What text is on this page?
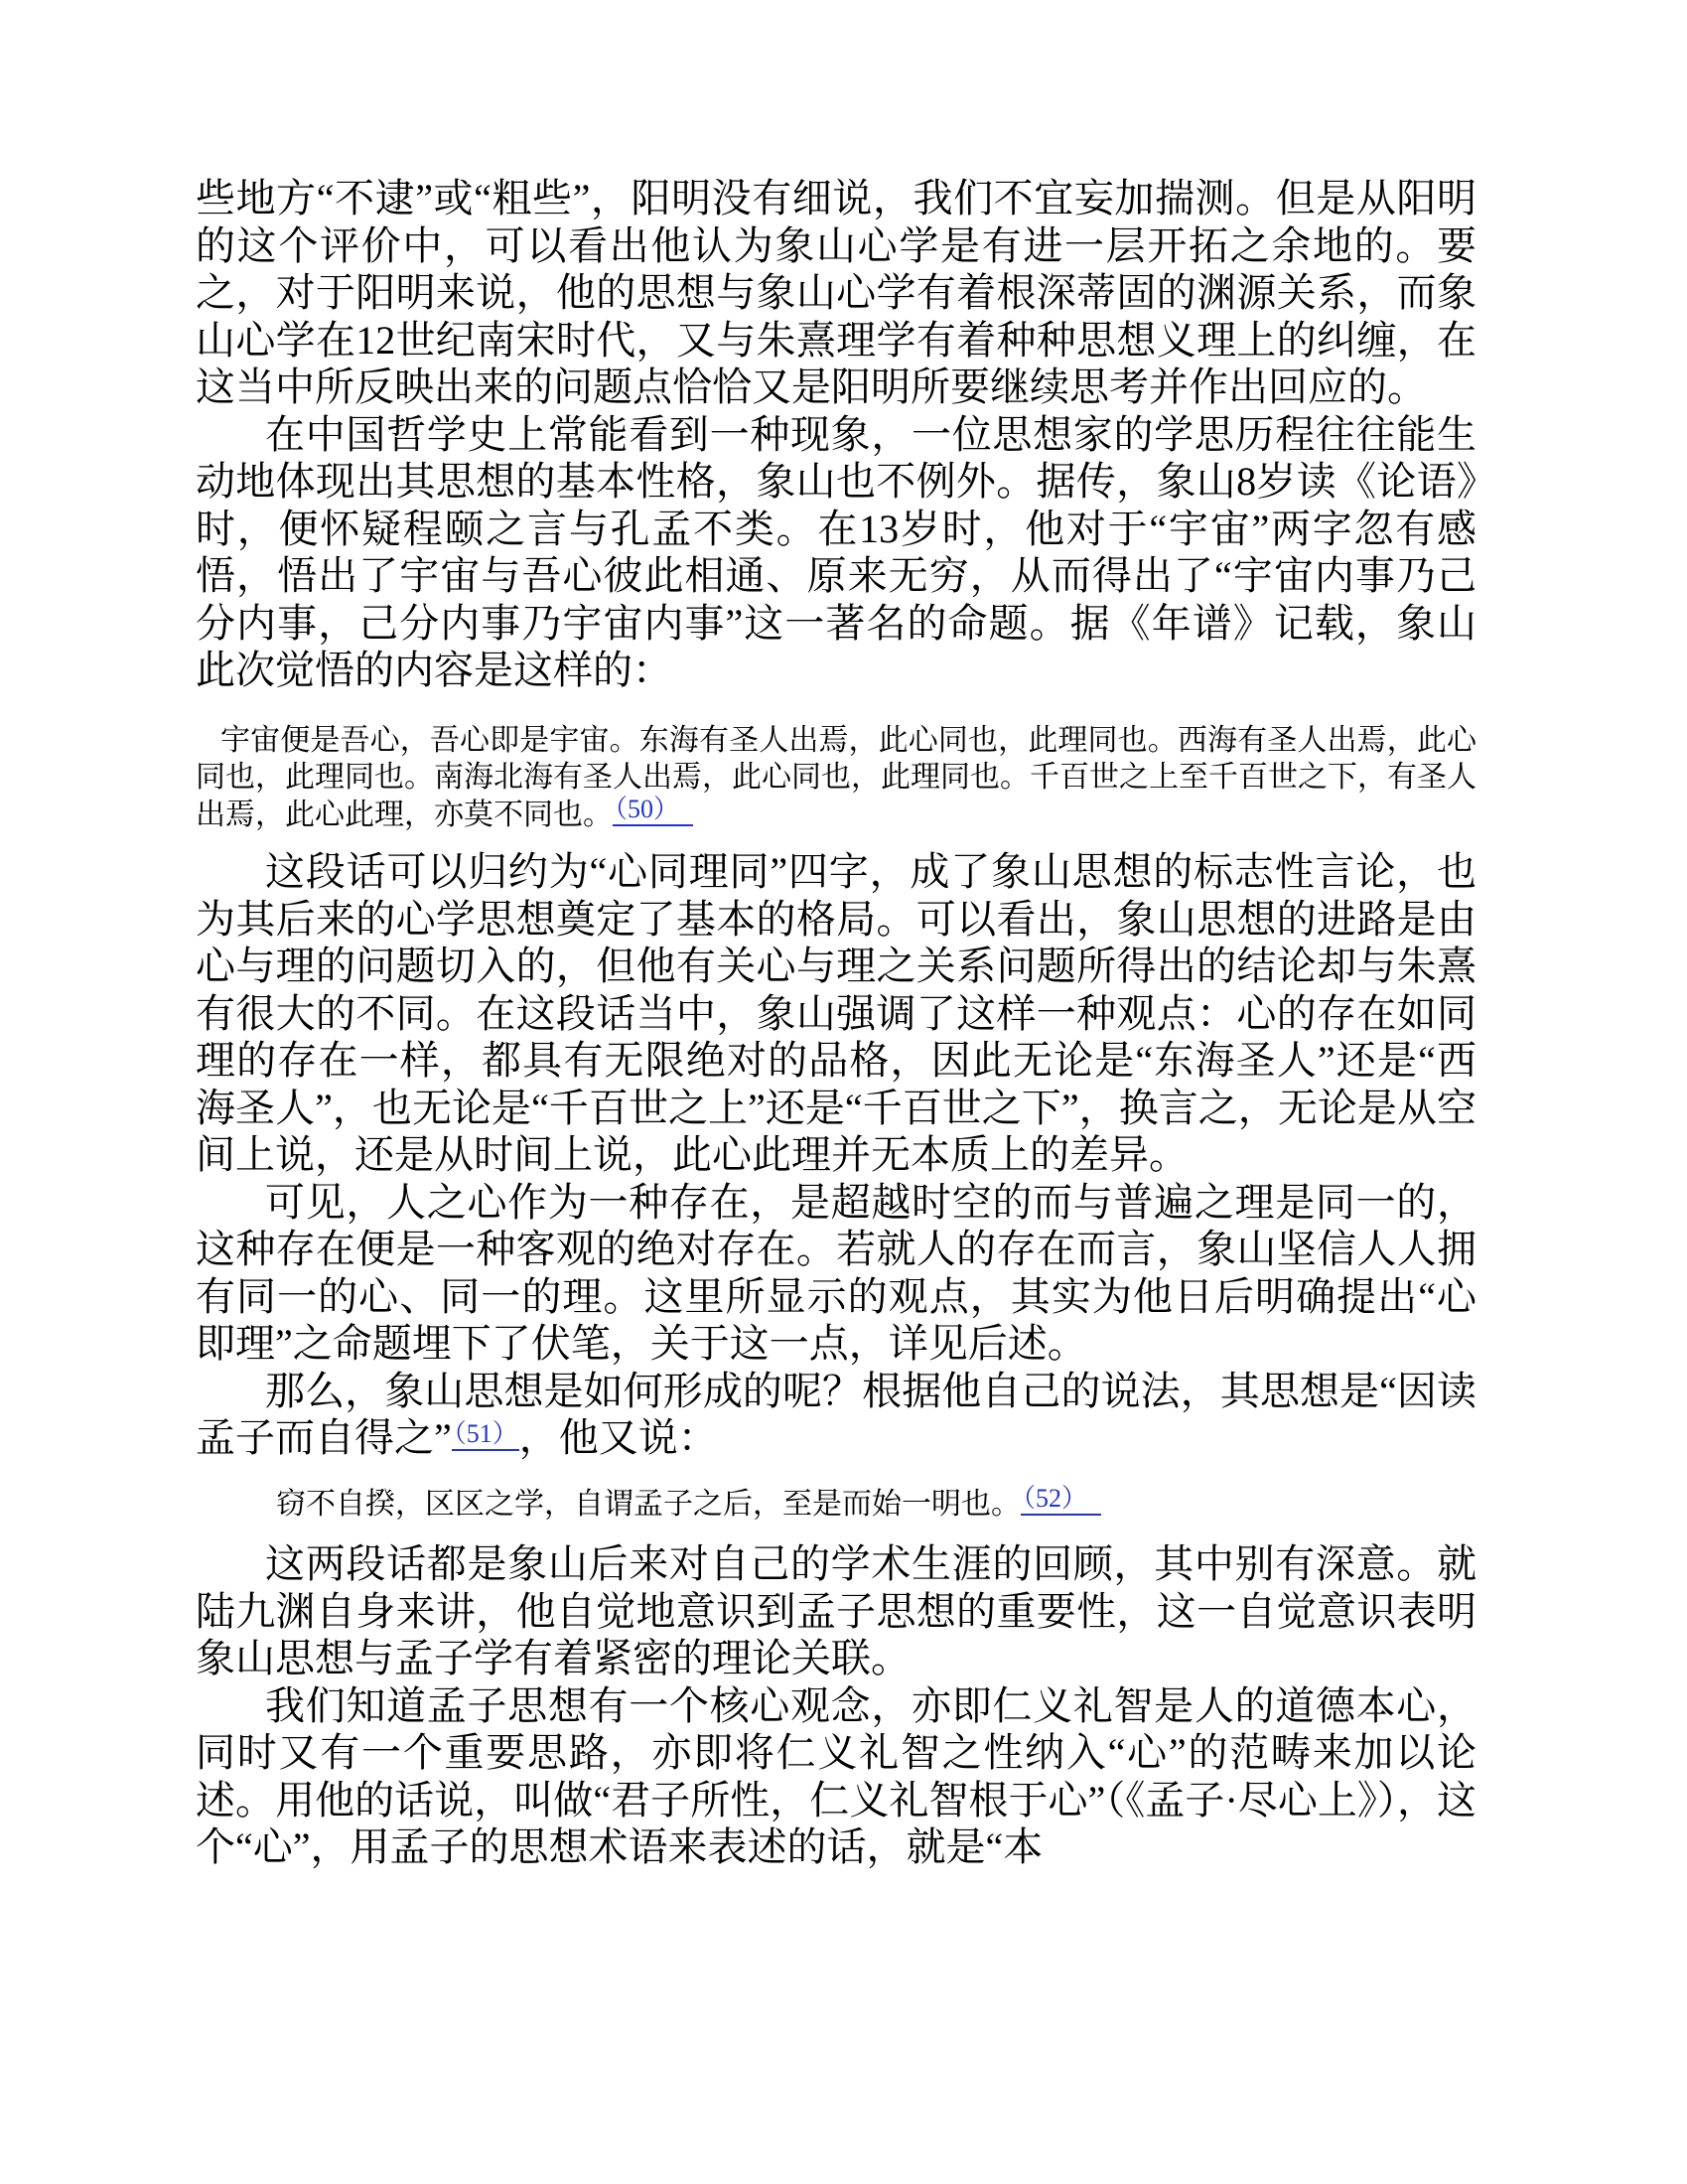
些地方“不逮”或“粗些”，阳明没有细说，我们不宜妄加揣测。但是从阳明的这个评价中，可以看出他认为象山心学是有进一层开拓之余地的。要之，对于阳明来说，他的思想与象山心学有着根深蒂固的渊源关系，而象山心学在12世纪南宋时代，又与朱熹理学有着种种思想义理上的纠缠，在这当中所反映出来的问题点恰恰又是阳明所要继续思考并作出回应的。

在中国哲学史上常能看到一种现象，一位思想家的学思历程往往能生动地体现出其思想的基本性格，象山也不例外。据传，象山8岁读《论语》时，便怀疑程颐之言与孔孟不类。在13岁时，他对于“宇宙”两字忽有感悟，悟出了宇宙与吾心彼此相通、原来无穷，从而得出了“宇宙内事乃己分内事，己分内事乃宇宙内事”这一著名的命题。据《年谱》记载，象山此次觉悟的内容是这样的：

宇宙便是吾心，吾心即是宇宙。东海有圣人出焉，此心同也，此理同也。西海有圣人出焉，此心同也，此理同也。南海北海有圣人出焉，此心同也，此理同也。千百世之上至千百世之下，有圣人出焉，此心此理，亦莫不同也。（50）

这段话可以归约为“心同理同”四字，成了象山思想的标志性言论，也为其后来的心学思想奠定了基本的格局。可以看出，象山思想的进路是由心与理的问题切入的，但他有关心与理之关系问题所得出的结论却与朱熹有很大的不同。在这段话当中，象山强调了这样一种观点：心的存在如同理的存在一样，都具有无限绝对的品格，因此无论是“东海圣人”还是“西海圣人”，也无论是“千百世之上”还是“千百世之下”，换言之，无论是从空间上说，还是从时间上说，此心此理并无本质上的差异。

可见，人之心作为一种存在，是超越时空的而与普遍之理是同一的，这种存在便是一种客观的绝对存在。若就人的存在而言，象山坚信人人拥有同一的心、同一的理。这里所显示的观点，其实为他日后明确提出“心即理”之命题埋下了伏笔，关于这一点，详见后述。

那么，象山思想是如何形成的呢？根据他自己的说法，其思想是“因读孟子而自得之”$^{(51)}$ ，他又说：

窃不自揆，区区之学，自谓孟子之后，至是而始一明也。（52）

这两段话都是象山后来对自己的学术生涯的回顾，其中别有深意。就陆九渊自身来讲，他自觉地意识到孟子思想的重要性，这一自觉意识表明象山思想与孟子学有着紧密的理论关联。

我们知道孟子思想有一个核心观念，亦即仁义礼智是人的道德本心，同时又有一个重要思路，亦即将仁义礼智之性纳入“心”的范畴来加以论述。用他的话说，叫做“君子所性，仁义礼智根于心”（《孟子·尽心上》），这个“心”，用孟子的思想术语来表述的话，就是“本
